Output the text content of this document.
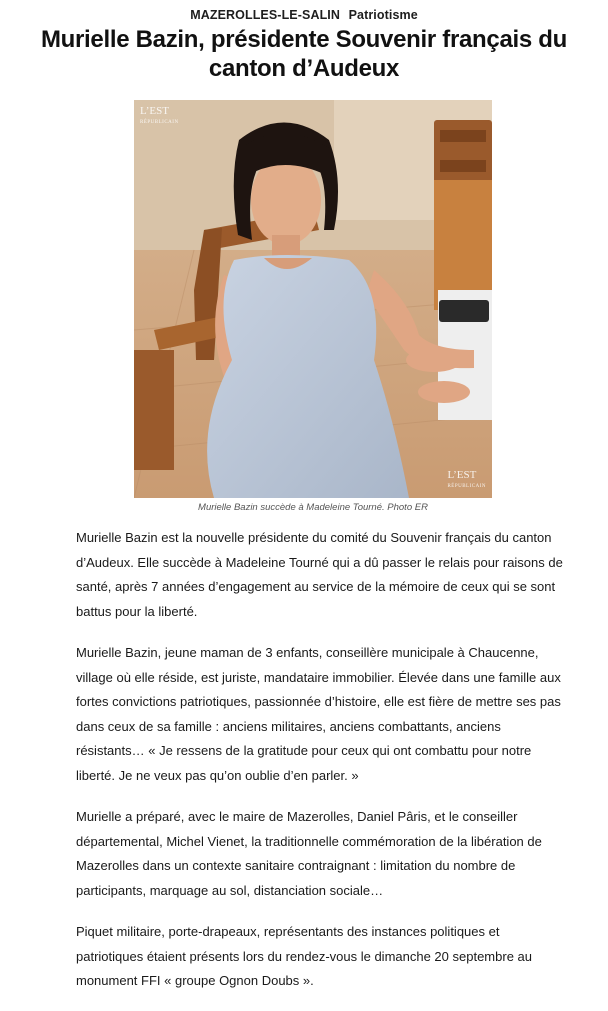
MAZEROLLES-LE-SALIN Patriotisme
Murielle Bazin, présidente Souvenir français du canton d’Audeux
L’EST
RÉPUBLICAIN
L’EST
RÉPUBLICAIN
Murielle Bazin succède à Madeleine Tourné. Photo ER

Murielle Bazin est la nouvelle présidente du comité du Souvenir français du canton d’Audeux. Elle succède à Madeleine Tourné qui a dû passer le relais pour raisons de santé, après 7 années d’engagement au service de la mémoire de ceux qui se sont battus pour la liberté.

Murielle Bazin, jeune maman de 3 enfants, conseillère municipale à Chaucenne, village où elle réside, est juriste, mandataire immobilier. Élevée dans une famille aux fortes convictions patriotiques, passionnée d’histoire, elle est fière de mettre ses pas dans ceux de sa famille : anciens militaires, anciens combattants, anciens résistants… « Je ressens de la gratitude pour ceux qui ont combattu pour notre liberté. Je ne veux pas qu’on oublie d’en parler. »

Murielle a préparé, avec le maire de Mazerolles, Daniel Pâris, et le conseiller départemental, Michel Vienet, la traditionnelle commémoration de la libération de Mazerolles dans un contexte sanitaire contraignant : limitation du nombre de participants, marquage au sol, distanciation sociale…

Piquet militaire, porte-drapeaux, représentants des instances politiques et patriotiques étaient présents lors du rendez-vous le dimanche 20 septembre au monument FFI « groupe Ognon Doubs ».
